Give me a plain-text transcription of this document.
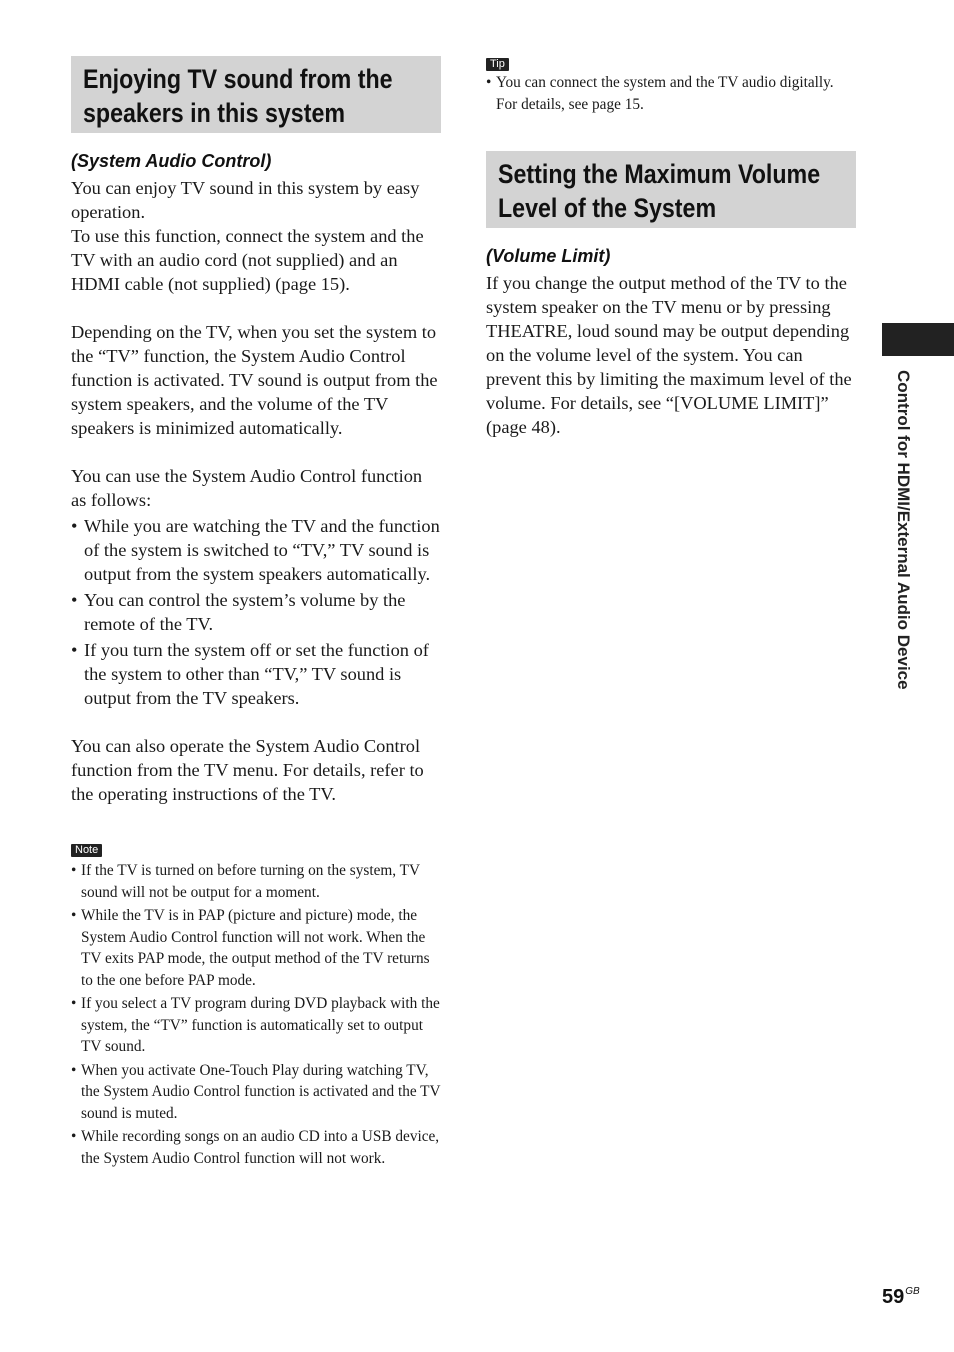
Enjoying TV sound from the
speakers in this system

(System Audio Control)

You can enjoy TV sound in this system by easy operation.
To use this function, connect the system and the TV with an audio cord (not supplied) and an HDMI cable (not supplied) (page 15).
Depending on the TV, when you set the system to the “TV” function, the System Audio Control function is activated. TV sound is output from the system speakers, and the volume of the TV speakers is minimized automatically.
You can use the System Audio Control function as follows:
• While you are watching the TV and the function of the system is switched to “TV,” TV sound is output from the system speakers automatically.
• You can control the system’s volume by the remote of the TV.
• If you turn the system off or set the function of the system to other than “TV,” TV sound is output from the TV speakers.
You can also operate the System Audio Control function from the TV menu. For details, refer to the operating instructions of the TV.
Note
• If the TV is turned on before turning on the system, TV sound will not be output for a moment.
• While the TV is in PAP (picture and picture) mode, the System Audio Control function will not work. When the TV exits PAP mode, the output method of the TV returns to the one before PAP mode.
• If you select a TV program during DVD playback with the system, the “TV” function is automatically set to output TV sound.
• When you activate One-Touch Play during watching TV, the System Audio Control function is activated and the TV sound is muted.
• While recording songs on an audio CD into a USB device, the System Audio Control function will not work.
Tip
• You can connect the system and the TV audio digitally. For details, see page 15.
Setting the Maximum Volume
Level of the System

(Volume Limit)

If you change the output method of the TV to the system speaker on the TV menu or by pressing THEATRE, loud sound may be output depending on the volume level of the system. You can prevent this by limiting the maximum level of the volume. For details, see “[VOLUME LIMIT]” (page 48).	Control for HDMI/External Audio Device
$59^{GB}$
